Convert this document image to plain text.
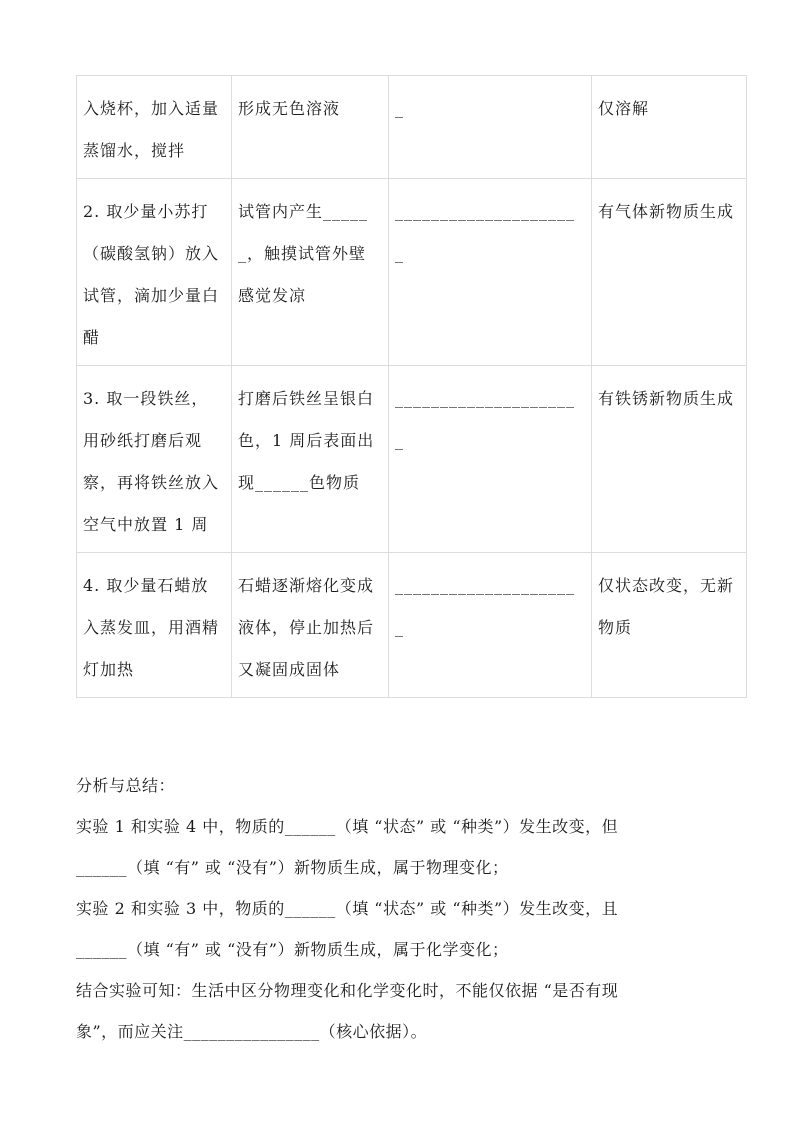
入烧杯，加入适量蒸馏水，搅拌	形成无色溶液	_	仅溶解

2. 取少量小苏打（碳酸氢钠）放入试管，滴加少量白醋	试管内产生______，触摸试管外壁感觉发凉	____________________ _	有气体新物质生成

3. 取一段铁丝，用砂纸打磨后观察，再将铁丝放入空气中放置 1 周	打磨后铁丝呈银白色，1 周后表面出现______色物质	____________________ _	有铁锈新物质生成

4. 取少量石蜡放入蒸发皿，用酒精灯加热	石蜡逐渐熔化变成液体，停止加热后又凝固成固体	____________________ _	仅状态改变，无新物质

分析与总结：

实验 1 和实验 4 中，物质的______（填 “状态” 或 “种类”）发生改变，但

______（填 “有” 或 “没有”）新物质生成，属于物理变化；

实验 2 和实验 3 中，物质的______（填 “状态” 或 “种类”）发生改变，且

______（填 “有” 或 “没有”）新物质生成，属于化学变化；

结合实验可知：生活中区分物理变化和化学变化时，不能仅依据 “是否有现

象”，而应关注________________（核心依据）。
